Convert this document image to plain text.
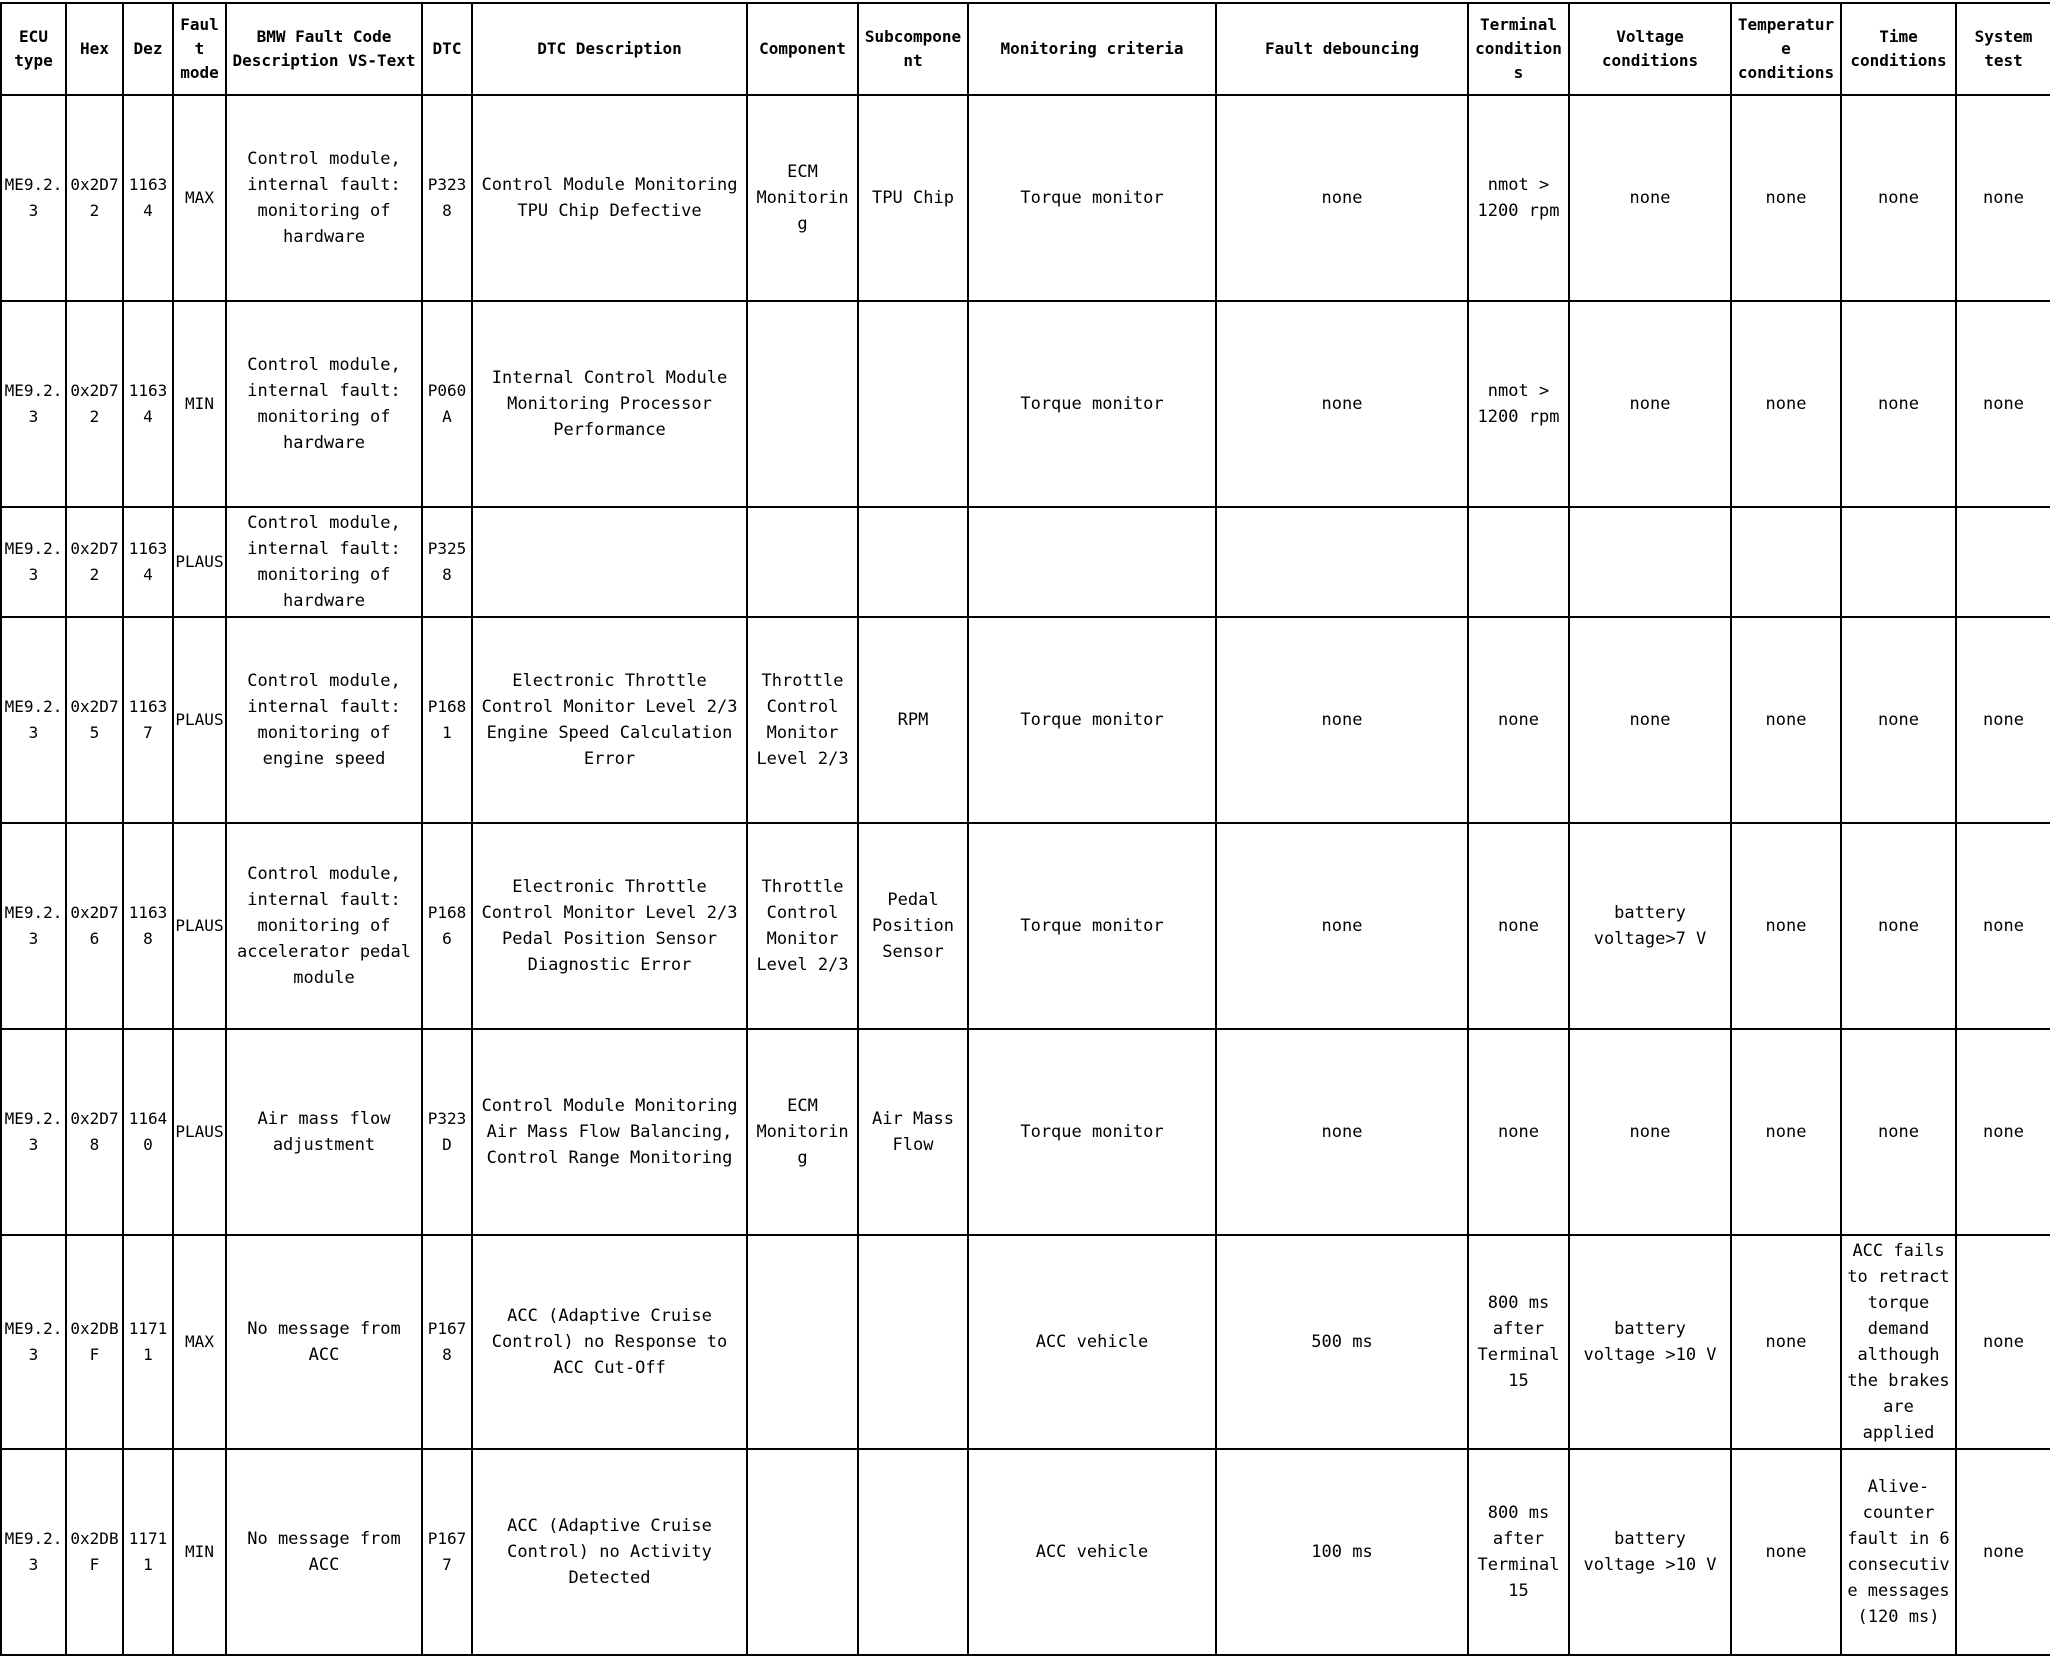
ECU type	Hex	Dez	Fault mode	BMW Fault Code Description VS-Text	DTC	DTC Description	Component	Subcomponent	Monitoring criteria	Fault debouncing	Terminal conditions	Voltage conditions	Temperature conditions	Time conditions	System test
ME9.2.3	0x2D72	11634	MAX	Control module, internal fault: monitoring of hardware	P3238	Control Module Monitoring TPU Chip Defective	ECM Monitoring	TPU Chip	Torque monitor	none	nmot > 1200 rpm	none	none	none	none
ME9.2.3	0x2D72	11634	MIN	Control module, internal fault: monitoring of hardware	P060A	Internal Control Module Monitoring Processor Performance			Torque monitor	none	nmot > 1200 rpm	none	none	none	none
ME9.2.3	0x2D72	11634	PLAUS	Control module, internal fault: monitoring of hardware	P3258										
ME9.2.3	0x2D75	11637	PLAUS	Control module, internal fault: monitoring of engine speed	P1681	Electronic Throttle Control Monitor Level 2/3 Engine Speed Calculation Error	Throttle Control Monitor Level 2/3	RPM	Torque monitor	none	none	none	none	none	none
ME9.2.3	0x2D76	11638	PLAUS	Control module, internal fault: monitoring of accelerator pedal module	P1686	Electronic Throttle Control Monitor Level 2/3 Pedal Position Sensor Diagnostic Error	Throttle Control Monitor Level 2/3	Pedal Position Sensor	Torque monitor	none	none	battery voltage>7 V	none	none	none
ME9.2.3	0x2D78	11640	PLAUS	Air mass flow adjustment	P323D	Control Module Monitoring Air Mass Flow Balancing, Control Range Monitoring	ECM Monitoring	Air Mass Flow	Torque monitor	none	none	none	none	none	none
ME9.2.3	0x2DBF	11711	MAX	No message from ACC	P1678	ACC (Adaptive Cruise Control) no Response to ACC Cut-Off			ACC vehicle	500 ms	800 ms after Terminal 15	battery voltage >10 V	none	ACC fails to retract torque demand although the brakes are applied	none
ME9.2.3	0x2DBF	11711	MIN	No message from ACC	P1677	ACC (Adaptive Cruise Control) no Activity Detected			ACC vehicle	100 ms	800 ms after Terminal 15	battery voltage >10 V	none	Alive-counter fault in 6 consecutive messages (120 ms)	none
